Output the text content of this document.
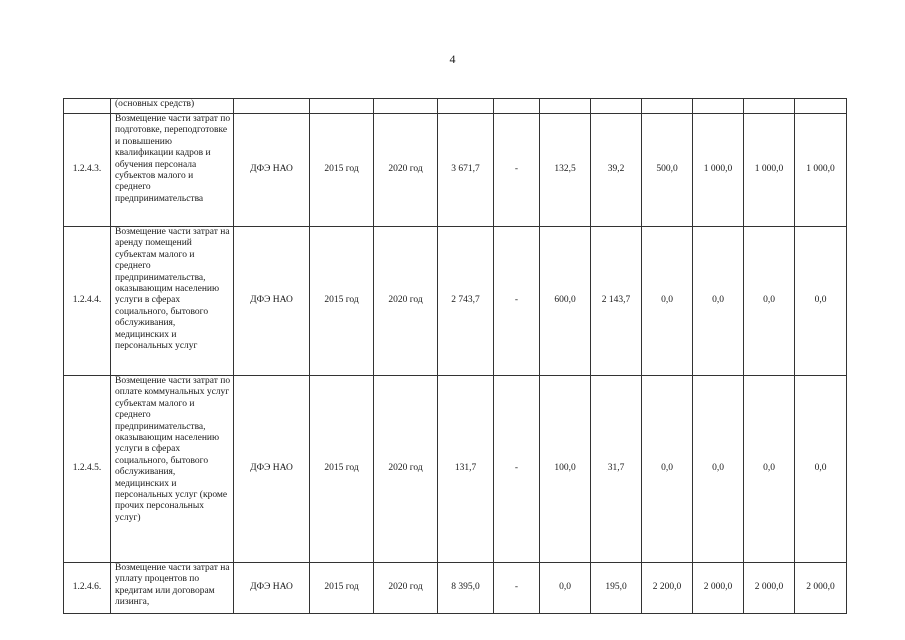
4

	(основных средств)											

1.2.4.3.	Возмещение части затрат по подготовке, переподготовке и повышению квалификации кадров и обучения персонала субъектов малого и среднего предпринимательства	ДФЭ НАО	2015 год	2020 год	3 671,7	-	132,5	39,2	500,0	1 000,0	1 000,0	1 000,0
1.2.4.4.	Возмещение части затрат на аренду помещений субъектам малого и среднего предпринимательства, оказывающим населению услуги в сферах социального, бытового обслуживания, медицинских и персональных услуг	ДФЭ НАО	2015 год	2020 год	2 743,7	-	600,0	2 143,7	0,0	0,0	0,0	0,0
1.2.4.5.	Возмещение части затрат по оплате коммунальных услуг субъектам малого и среднего предпринимательства, оказывающим населению услуги в сферах социального, бытового обслуживания, медицинских и персональных услуг (кроме прочих персональных услуг)	ДФЭ НАО	2015 год	2020 год	131,7	-	100,0	31,7	0,0	0,0	0,0	0,0
1.2.4.6.	Возмещение части затрат на уплату процентов по кредитам или договорам лизинга,	ДФЭ НАО	2015 год	2020 год	8 395,0	-	0,0	195,0	2 200,0	2 000,0	2 000,0	2 000,0
